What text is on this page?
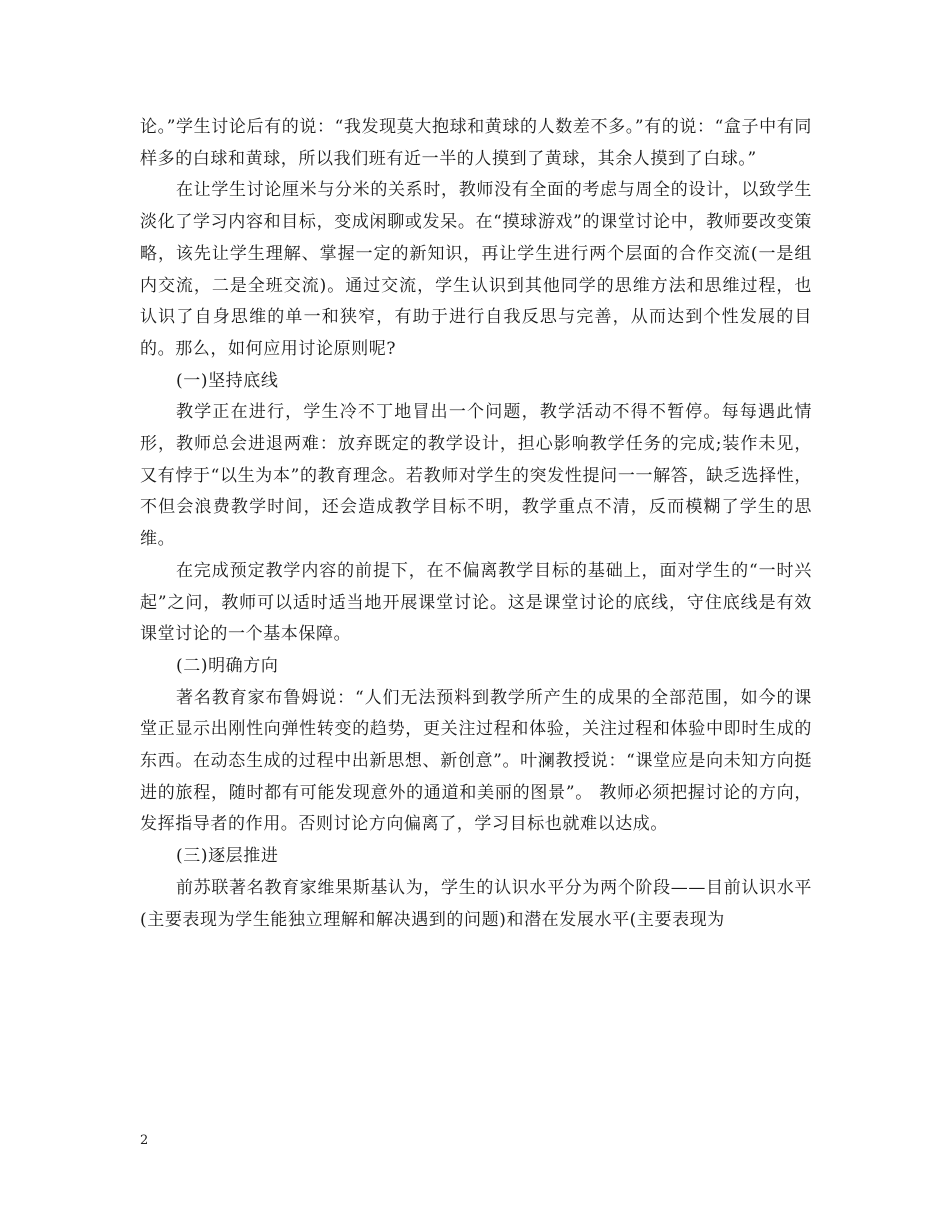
论。”学生讨论后有的说：“我发现莫大抱球和黄球的人数差不多。”有的说：“盒子中有同样多的白球和黄球，所以我们班有近一半的人摸到了黄球，其余人摸到了白球。”

在让学生讨论厘米与分米的关系时，教师没有全面的考虑与周全的设计，以致学生淡化了学习内容和目标，变成闲聊或发呆。在“摸球游戏”的课堂讨论中，教师要改变策略，该先让学生理解、掌握一定的新知识，再让学生进行两个层面的合作交流(一是组内交流，二是全班交流)。通过交流，学生认识到其他同学的思维方法和思维过程，也认识了自身思维的单一和狭窄，有助于进行自我反思与完善，从而达到个性发展的目的。那么，如何应用讨论原则呢?

(一)坚持底线

教学正在进行，学生冷不丁地冒出一个问题，教学活动不得不暂停。每每遇此情形，教师总会进退两难：放弃既定的教学设计，担心影响教学任务的完成;装作未见，又有悖于“以生为本”的教育理念。若教师对学生的突发性提问一一解答，缺乏选择性，不但会浪费教学时间，还会造成教学目标不明，教学重点不清，反而模糊了学生的思维。

在完成预定教学内容的前提下，在不偏离教学目标的基础上，面对学生的“一时兴起”之问，教师可以适时适当地开展课堂讨论。这是课堂讨论的底线，守住底线是有效课堂讨论的一个基本保障。

(二)明确方向

著名教育家布鲁姆说：“人们无法预料到教学所产生的成果的全部范围，如今的课堂正显示出刚性向弹性转变的趋势，更关注过程和体验，关注过程和体验中即时生成的东西。在动态生成的过程中出新思想、新创意”。叶澜教授说：“课堂应是向未知方向挺进的旅程，随时都有可能发现意外的通道和美丽的图景”。 教师必须把握讨论的方向，发挥指导者的作用。否则讨论方向偏离了，学习目标也就难以达成。

(三)逐层推进

前苏联著名教育家维果斯基认为，学生的认识水平分为两个阶段——目前认识水平(主要表现为学生能独立理解和解决遇到的问题)和潜在发展水平(主要表现为

2
